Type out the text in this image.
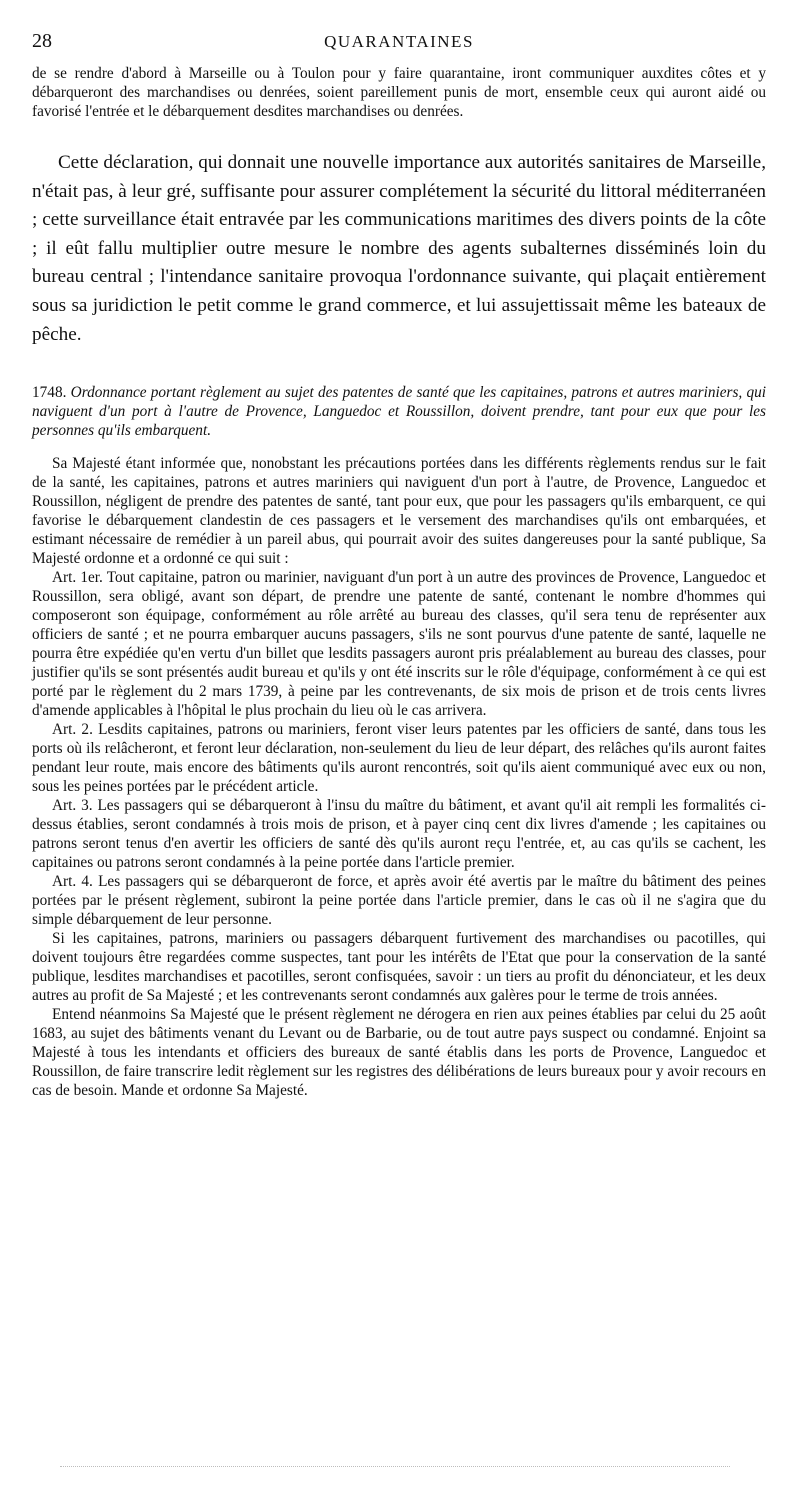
28	QUARANTAINES

de se rendre d'abord à Marseille ou à Toulon pour y faire quarantaine, iront communiquer auxdites côtes et y débarqueront des marchandises ou denrées, soient pareillement punis de mort, ensemble ceux qui auront aidé ou favorisé l'entrée et le débarquement desdites marchandises ou denrées.

Cette déclaration, qui donnait une nouvelle importance aux autorités sanitaires de Marseille, n'était pas, à leur gré, suffisante pour assurer complétement la sécurité du littoral méditerranéen ; cette surveillance était entravée par les communications maritimes des divers points de la côte ; il eût fallu multiplier outre mesure le nombre des agents subalternes disséminés loin du bureau central ; l'intendance sanitaire provoqua l'ordonnance suivante, qui plaçait entièrement sous sa juridiction le petit comme le grand commerce, et lui assujettissait même les bateaux de pêche.

1748. Ordonnance portant règlement au sujet des patentes de santé que les capitaines, patrons et autres mariniers, qui naviguent d'un port à l'autre de Provence, Languedoc et Roussillon, doivent prendre, tant pour eux que pour les personnes qu'ils embarquent.

Sa Majesté étant informée que, nonobstant les précautions portées dans les différents règlements rendus sur le fait de la santé, les capitaines, patrons et autres mariniers qui naviguent d'un port à l'autre, de Provence, Languedoc et Roussillon, négligent de prendre des patentes de santé, tant pour eux, que pour les passagers qu'ils embarquent, ce qui favorise le débarquement clandestin de ces passagers et le versement des marchandises qu'ils ont embarquées, et estimant nécessaire de remédier à un pareil abus, qui pourrait avoir des suites dangereuses pour la santé publique, Sa Majesté ordonne et a ordonné ce qui suit :

Art. 1er. Tout capitaine, patron ou marinier, naviguant d'un port à un autre des provinces de Provence, Languedoc et Roussillon, sera obligé, avant son départ, de prendre une patente de santé, contenant le nombre d'hommes qui composeront son équipage, conformément au rôle arrêté au bureau des classes, qu'il sera tenu de représenter aux officiers de santé ; et ne pourra embarquer aucuns passagers, s'ils ne sont pourvus d'une patente de santé, laquelle ne pourra être expédiée qu'en vertu d'un billet que lesdits passagers auront pris préalablement au bureau des classes, pour justifier qu'ils se sont présentés audit bureau et qu'ils y ont été inscrits sur le rôle d'équipage, conformément à ce qui est porté par le règlement du 2 mars 1739, à peine par les contrevenants, de six mois de prison et de trois cents livres d'amende applicables à l'hôpital le plus prochain du lieu où le cas arrivera.

Art. 2. Lesdits capitaines, patrons ou mariniers, feront viser leurs patentes par les officiers de santé, dans tous les ports où ils relâcheront, et feront leur déclaration, non-seulement du lieu de leur départ, des relâches qu'ils auront faites pendant leur route, mais encore des bâtiments qu'ils auront rencontrés, soit qu'ils aient communiqué avec eux ou non, sous les peines portées par le précédent article.

Art. 3. Les passagers qui se débarqueront à l'insu du maître du bâtiment, et avant qu'il ait rempli les formalités ci-dessus établies, seront condamnés à trois mois de prison, et à payer cinq cent dix livres d'amende ; les capitaines ou patrons seront tenus d'en avertir les officiers de santé dès qu'ils auront reçu l'entrée, et, au cas qu'ils se cachent, les capitaines ou patrons seront condamnés à la peine portée dans l'article premier.

Art. 4. Les passagers qui se débarqueront de force, et après avoir été avertis par le maître du bâtiment des peines portées par le présent règlement, subiront la peine portée dans l'article premier, dans le cas où il ne s'agira que du simple débarquement de leur personne.

Si les capitaines, patrons, mariniers ou passagers débarquent furtivement des marchandises ou pacotilles, qui doivent toujours être regardées comme suspectes, tant pour les intérêts de l'Etat que pour la conservation de la santé publique, lesdites marchandises et pacotilles, seront confisquées, savoir : un tiers au profit du dénonciateur, et les deux autres au profit de Sa Majesté ; et les contrevenants seront condamnés aux galères pour le terme de trois années.

Entend néanmoins Sa Majesté que le présent règlement ne dérogera en rien aux peines établies par celui du 25 août 1683, au sujet des bâtiments venant du Levant ou de Barbarie, ou de tout autre pays suspect ou condamné. Enjoint sa Majesté à tous les intendants et officiers des bureaux de santé établis dans les ports de Provence, Languedoc et Roussillon, de faire transcrire ledit règlement sur les registres des délibérations de leurs bureaux pour y avoir recours en cas de besoin. Mande et ordonne Sa Majesté.
